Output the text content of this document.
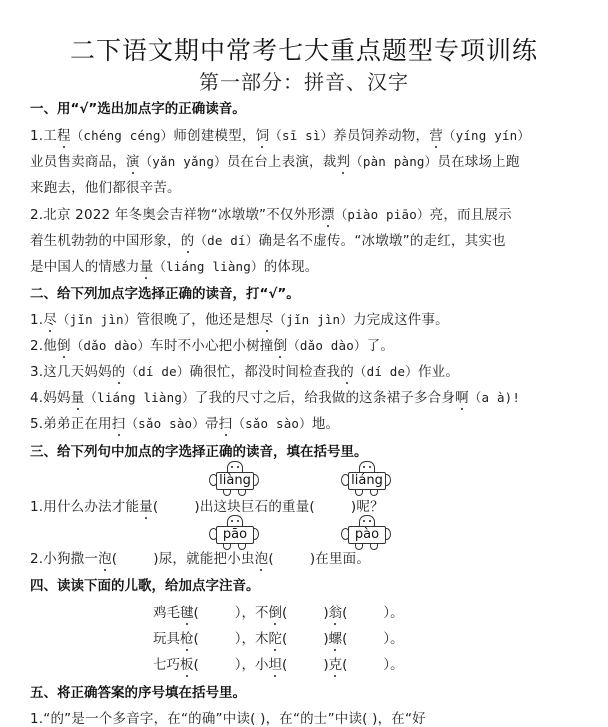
二下语文期中常考七大重点题型专项训练
第一部分：拼音、汉字
一、用“√”选出加点字的正确读音。
1.工程（chéng céng）师创建模型，饲（sī sì）养员饲养动物，营（yíng yín）
业员售卖商品，演（yǎn yǎng）员在台上表演，裁判（pàn pàng）员在球场上跑
来跑去，他们都很辛苦。
2.北京 2022 年冬奥会吉祥物“冰墩墩”不仅外形漂（piào piāo）亮，而且展示
着生机勃勃的中国形象，的（de dí）确是名不虚传。“冰墩墩”的走红，其实也
是中国人的情感力量（liáng liàng）的体现。
二、给下列加点字选择正确的读音，打“√”。
1.尽（jǐn jìn）管很晚了，他还是想尽（jǐn jìn）力完成这件事。
2.他倒（dǎo dào）车时不小心把小树撞倒（dǎo dào）了。
3.这几天妈妈的（dí de）确很忙，都没时间检查我的（dí de）作业。
4.妈妈量（liáng liàng）了我的尺寸之后，给我做的这条裙子多合身啊（a à)!
5.弟弟正在用扫（sǎo sào）帚扫（sǎo sào）地。
三、给下列句中加点的字选择正确的读音，填在括号里。
liàng	liáng
1.用什么办法才能量(	)出这块巨石的重量(	)呢？
pāo	pào
2.小狗撒一泡(	)尿，就能把小虫泡(	)在里面。
四、读读下面的儿歌，给加点字注音。
鸡毛毽(	），不倒(	)翁(	）。
玩具枪(	），木陀(	)螺(	）。
七巧板(	），小坦(	)克(	）。
五、将正确答案的序号填在括号里。
1.“的”是一个多音字，在“的确”中读( )，在“的士”中读( )，在“好
